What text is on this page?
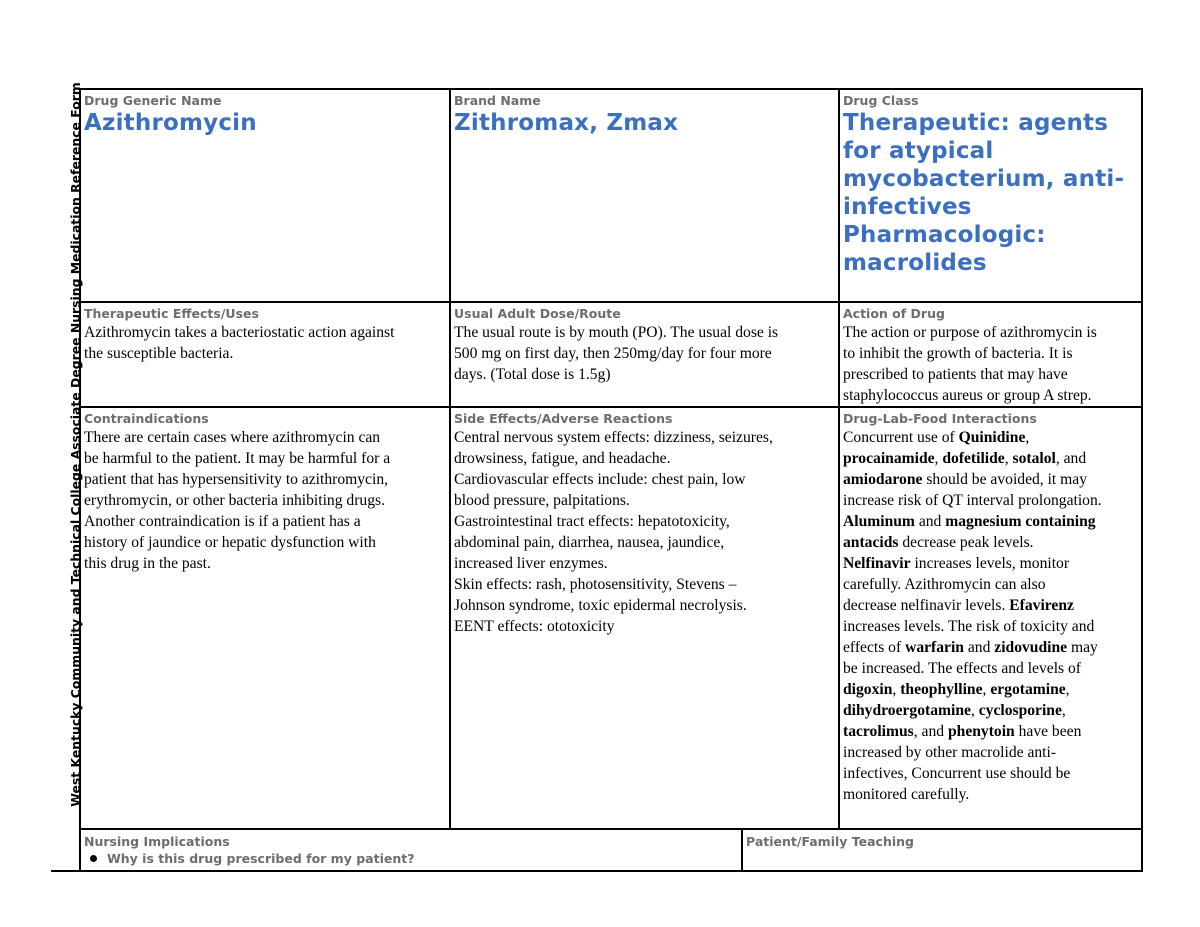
West Kentucky Community and Technical College Associate Degree Nursing Medication Reference Form Drug Generic Name
Azithromycin
Brand Name
Zithromax, Zmax
Drug Class
Therapeutic: agents
for atypical
mycobacterium, anti-
infectives
Pharmacologic:
macrolides
Therapeutic Effects/Uses
Azithromycin takes a bacteriostatic action against
the susceptible bacteria.
Usual Adult Dose/Route
The usual route is by mouth (PO). The usual dose is
500 mg on first day, then 250mg/day for four more
days. (Total dose is 1.5g)
Action of Drug
The action or purpose of azithromycin is
to inhibit the growth of bacteria. It is
prescribed to patients that may have
staphylococcus aureus or group A strep.
Contraindications
There are certain cases where azithromycin can
be harmful to the patient. It may be harmful for a
patient that has hypersensitivity to azithromycin,
erythromycin, or other bacteria inhibiting drugs.
Another contraindication is if a patient has a
history of jaundice or hepatic dysfunction with
this drug in the past.
Side Effects/Adverse Reactions
Central nervous system effects: dizziness, seizures,
drowsiness, fatigue, and headache.
Cardiovascular effects include: chest pain, low
blood pressure, palpitations.
Gastrointestinal tract effects: hepatotoxicity,
abdominal pain, diarrhea, nausea, jaundice,
increased liver enzymes.
Skin effects: rash, photosensitivity, Stevens –
Johnson syndrome, toxic epidermal necrolysis.
EENT effects: ototoxicity
Drug-Lab-Food Interactions
Concurrent use of Quinidine,
procainamide, dofetilide, sotalol, and
amiodarone should be avoided, it may
increase risk of QT interval prolongation.
Aluminum and magnesium containing
antacids decrease peak levels.
Nelfinavir increases levels, monitor
carefully. Azithromycin can also
decrease nelfinavir levels. Efavirenz
increases levels. The risk of toxicity and
effects of warfarin and zidovudine may
be increased. The effects and levels of
digoxin, theophylline, ergotamine,
dihydroergotamine, cyclosporine,
tacrolimus, and phenytoin have been
increased by other macrolide anti-
infectives, Concurrent use should be
monitored carefully.
Nursing Implications
Why is this drug prescribed for my patient?
Patient/Family Teaching
